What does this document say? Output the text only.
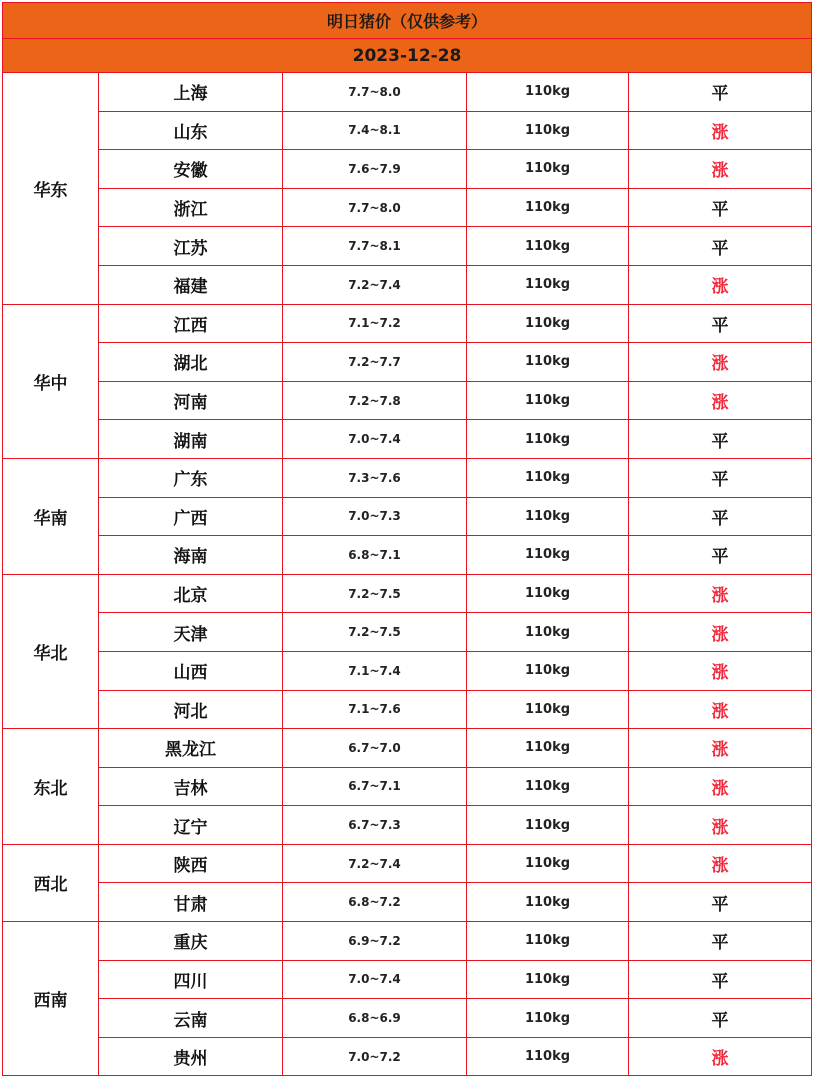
明日猪价（仅供参考）				
2023-12-28				
华东	上海	7.7~8.0	110kg	平
	山东	7.4~8.1	110kg	涨
	安徽	7.6~7.9	110kg	涨
	浙江	7.7~8.0	110kg	平
	江苏	7.7~8.1	110kg	平
	福建	7.2~7.4	110kg	涨
华中	江西	7.1~7.2	110kg	平
	湖北	7.2~7.7	110kg	涨
	河南	7.2~7.8	110kg	涨
	湖南	7.0~7.4	110kg	平
华南	广东	7.3~7.6	110kg	平
	广西	7.0~7.3	110kg	平
	海南	6.8~7.1	110kg	平
华北	北京	7.2~7.5	110kg	涨
	天津	7.2~7.5	110kg	涨
	山西	7.1~7.4	110kg	涨
	河北	7.1~7.6	110kg	涨
东北	黑龙江	6.7~7.0	110kg	涨
	吉林	6.7~7.1	110kg	涨
	辽宁	6.7~7.3	110kg	涨
西北	陕西	7.2~7.4	110kg	涨
	甘肃	6.8~7.2	110kg	平
西南	重庆	6.9~7.2	110kg	平
	四川	7.0~7.4	110kg	平
	云南	6.8~6.9	110kg	平
	贵州	7.0~7.2	110kg	涨
